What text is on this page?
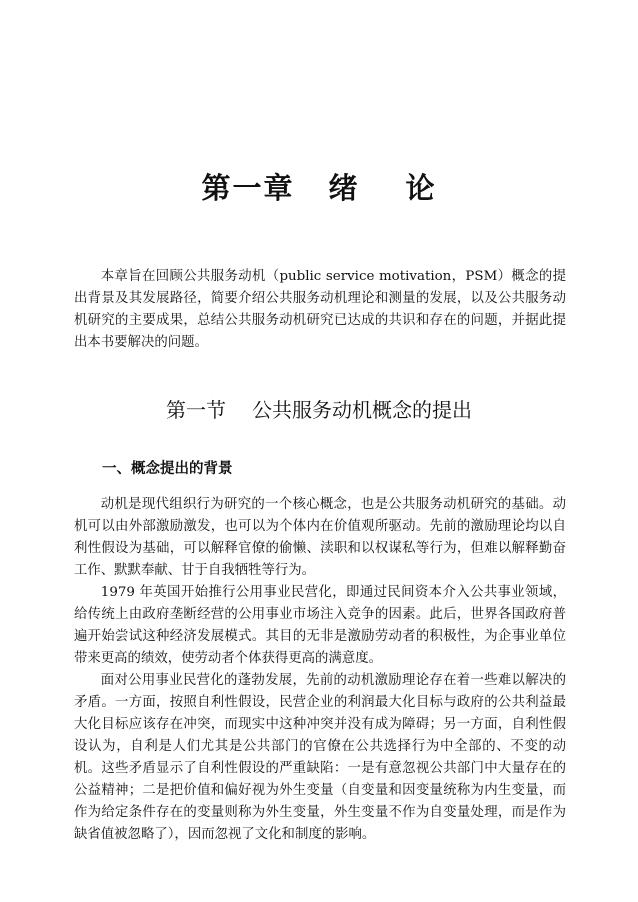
第一章 绪 论

本章旨在回顾公共服务动机（public service motivation，PSM）概念的提出背景及其发展路径，简要介绍公共服务动机理论和测量的发展，以及公共服务动机研究的主要成果，总结公共服务动机研究已达成的共识和存在的问题，并据此提出本书要解决的问题。

第一节 公共服务动机概念的提出
一、概念提出的背景

动机是现代组织行为研究的一个核心概念，也是公共服务动机研究的基础。动机可以由外部激励激发，也可以为个体内在价值观所驱动。先前的激励理论均以自利性假设为基础，可以解释官僚的偷懒、渎职和以权谋私等行为，但难以解释勤奋工作、默默奉献、甘于自我牺牲等行为。

1979 年英国开始推行公用事业民营化，即通过民间资本介入公共事业领域，给传统上由政府垄断经营的公用事业市场注入竞争的因素。此后，世界各国政府普遍开始尝试这种经济发展模式。其目的无非是激励劳动者的积极性，为企事业单位带来更高的绩效，使劳动者个体获得更高的满意度。

面对公用事业民营化的蓬勃发展，先前的动机激励理论存在着一些难以解决的矛盾。一方面，按照自利性假设，民营企业的利润最大化目标与政府的公共利益最大化目标应该存在冲突，而现实中这种冲突并没有成为障碍；另一方面，自利性假设认为，自利是人们尤其是公共部门的官僚在公共选择行为中全部的、不变的动机。这些矛盾显示了自利性假设的严重缺陷：一是有意忽视公共部门中大量存在的公益精神；二是把价值和偏好视为外生变量（自变量和因变量统称为内生变量，而作为给定条件存在的变量则称为外生变量，外生变量不作为自变量处理，而是作为缺省值被忽略了），因而忽视了文化和制度的影响。
